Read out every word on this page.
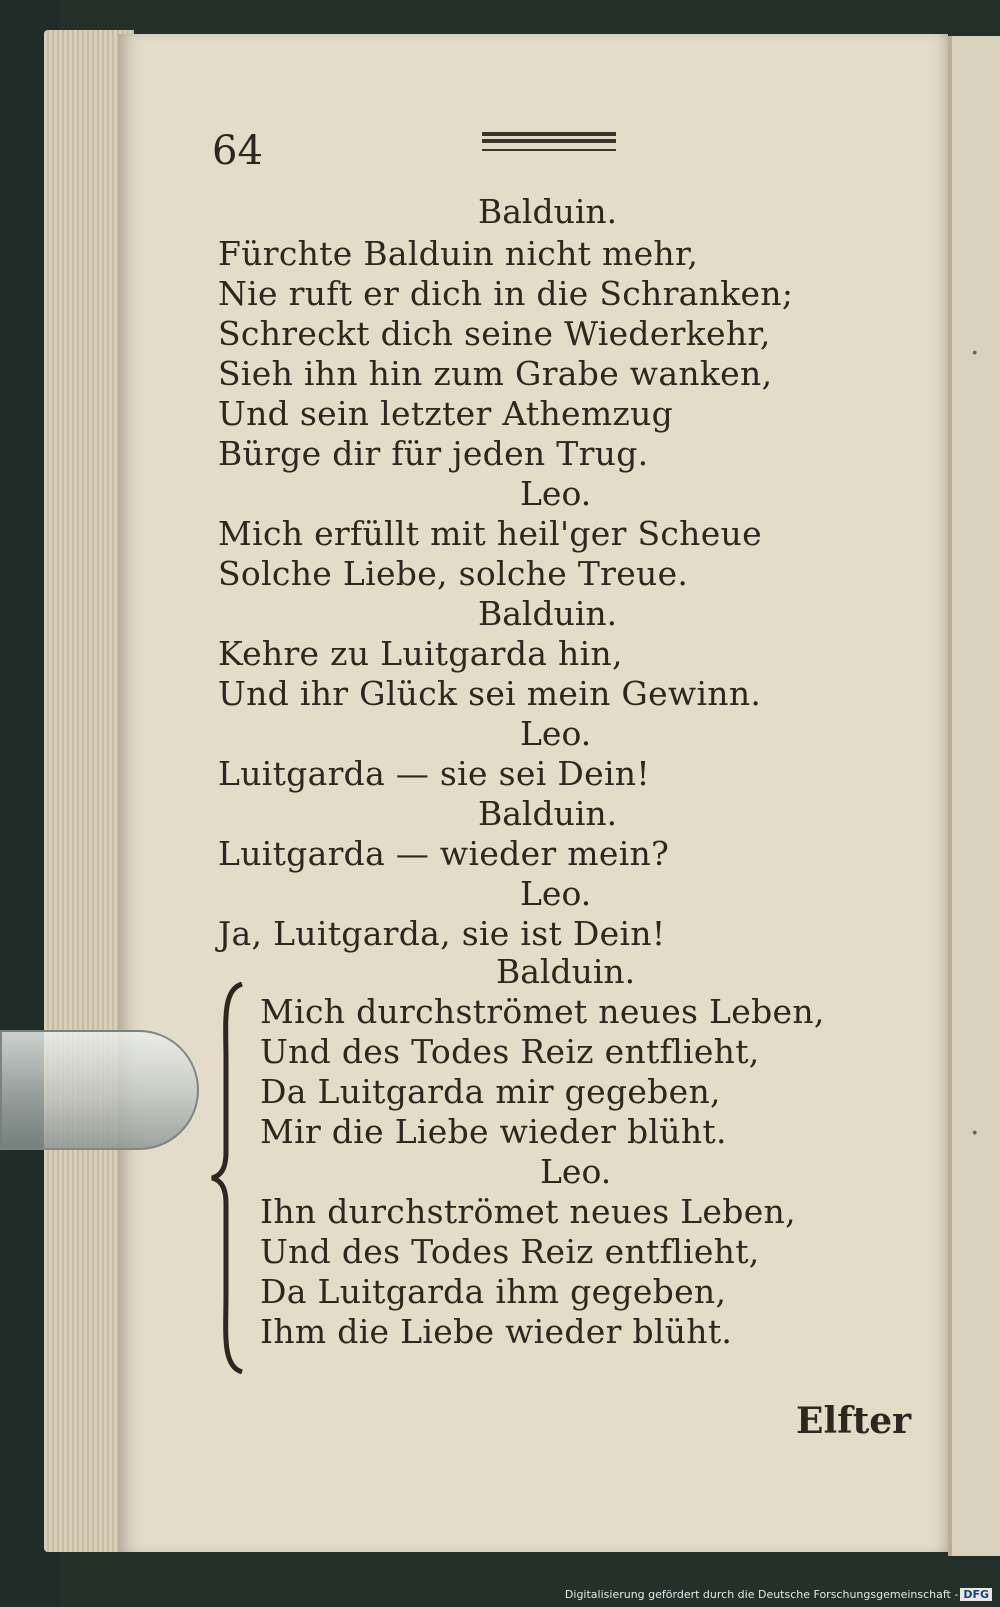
·
·
64
Balduin.
Fürchte Balduin nicht mehr,
Nie ruft er dich in die Schranken;
Schreckt dich seine Wiederkehr,
Sieh ihn hin zum Grabe wanken,
Und sein letzter Athemzug
Bürge dir für jeden Trug.
Leo.
Mich erfüllt mit heil'ger Scheue
Solche Liebe, solche Treue.
Balduin.
Kehre zu Luitgarda hin,
Und ihr Glück sei mein Gewinn.
Leo.
Luitgarda — sie sei Dein!
Balduin.
Luitgarda — wieder mein?
Leo.
Ja, Luitgarda, sie ist Dein!
Balduin.
Mich durchströmet neues Leben,
Und des Todes Reiz entflieht,
Da Luitgarda mir gegeben,
Mir die Liebe wieder blüht.
Leo.
Ihn durchströmet neues Leben,
Und des Todes Reiz entflieht,
Da Luitgarda ihm gegeben,
Ihm die Liebe wieder blüht.
Elfter
Digitalisierung gefördert durch die Deutsche Forschungsgemeinschaft - DFG
